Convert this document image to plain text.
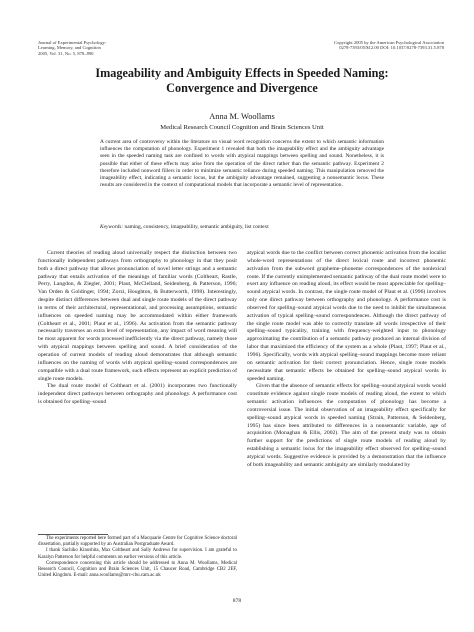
Journal of Experimental Psychology:
Learning, Memory, and Cognition
2005, Vol. 31, No. 5, 878–890
Copyright 2005 by the American Psychological Association
0278-7393/05/$12.00 DOI: 10.1037/0278-7393.31.5.878
Imageability and Ambiguity Effects in Speeded Naming:
Convergence and Divergence
Anna M. Woollams
Medical Research Council Cognition and Brain Sciences Unit
A current area of controversy within the literature on visual word recognition concerns the extent to which semantic information influences the computation of phonology. Experiment 1 revealed that both the imageability effect and the ambiguity advantage seen in the speeded naming task are confined to words with atypical mappings between spelling and sound. Nonetheless, it is possible that either of these effects may arise from the operation of the direct rather than the semantic pathway. Experiment 2 therefore included nonword fillers in order to minimize semantic reliance during speeded naming. This manipulation removed the imageability effect, indicating a semantic locus, but the ambiguity advantage remained, suggesting a nonsemantic locus. These results are considered in the context of computational models that incorporate a semantic level of representation.
Keywords: naming, consistency, imageability, semantic ambiguity, list context

Current theories of reading aloud universally respect the distinction between two functionally independent pathways from orthography to phonology in that they posit both a direct pathway that allows pronunciation of novel letter strings and a semantic pathway that entails activation of the meanings of familiar words (Coltheart, Rastle, Perry, Langdon, & Ziegler, 2001; Plaut, McClelland, Seidenberg, & Patterson, 1996; Van Orden & Goldinger, 1994; Zorzi, Houghton, & Butterworth, 1998). Interestingly, despite distinct differences between dual and single route models of the direct pathway in terms of their architectural, representational, and processing assumptions, semantic influences on speeded naming may be accommodated within either framework (Coltheart et al., 2001; Plaut et al., 1996). As activation from the semantic pathway necessarily traverses an extra level of representation, any impact of word meaning will be most apparent for words processed inefficiently via the direct pathway, namely those with atypical mappings between spelling and sound. A brief consideration of the operation of current models of reading aloud demonstrates that although semantic influences on the naming of words with atypical spelling–sound correspondences are compatible with a dual route framework, such effects represent an explicit prediction of single route models.

The dual route model of Coltheart et al. (2001) incorporates two functionally independent direct pathways between orthography and phonology. A performance cost is obtained for spelling–sound

atypical words due to the conflict between correct phonemic activation from the localist whole-word representations of the direct lexical route and incorrect phonemic activation from the subword grapheme–phoneme correspondences of the nonlexical route. If the currently unimplemented semantic pathway of the dual route model were to exert any influence on reading aloud, its effect would be most appreciable for spelling–sound atypical words. In contrast, the single route model of Plaut et al. (1996) involves only one direct pathway between orthography and phonology. A performance cost is observed for spelling–sound atypical words due to the need to inhibit the simultaneous activation of typical spelling–sound correspondences. Although the direct pathway of the single route model was able to correctly translate all words irrespective of their spelling–sound typicality, training with frequency-weighted input to phonology approximating the contribution of a semantic pathway produced an internal division of labor that maximized the efficiency of the system as a whole (Plaut, 1997; Plaut et al., 1996). Specifically, words with atypical spelling–sound mappings become more reliant on semantic activation for their correct pronunciation. Hence, single route models necessitate that semantic effects be obtained for spelling–sound atypical words in speeded naming.

Given that the absence of semantic effects for spelling–sound atypical words would constitute evidence against single route models of reading aloud, the extent to which semantic activation influences the computation of phonology has become a controversial issue. The initial observation of an imageability effect specifically for spelling–sound atypical words in speeded naming (Strain, Patterson, & Seidenberg, 1995) has since been attributed to differences in a nonsemantic variable, age of acquisition (Monaghan & Ellis, 2002). The aim of the present study was to obtain further support for the predictions of single route models of reading aloud by establishing a semantic locus for the imageability effect observed for spelling–sound atypical words. Suggestive evidence is provided by a demonstration that the influence of both imageability and semantic ambiguity are similarly modulated by

The experiments reported here formed part of a Macquarie Centre for Cognitive Science doctoral dissertation, partially supported by an Australian Postgraduate Award.

I thank Sachiko Kinoshita, Max Coltheart and Sally Andrews for supervision. I am grateful to Karalyn Patterson for helpful comments on earlier versions of this article.

Correspondence concerning this article should be addressed to Anna M. Woollams, Medical Research Council, Cognition and Brain Sciences Unit, 15 Chaucer Road, Cambridge CB2 2EF, United Kingdom. E-mail: anna.woollams@mrc-cbu.cam.ac.uk

878
